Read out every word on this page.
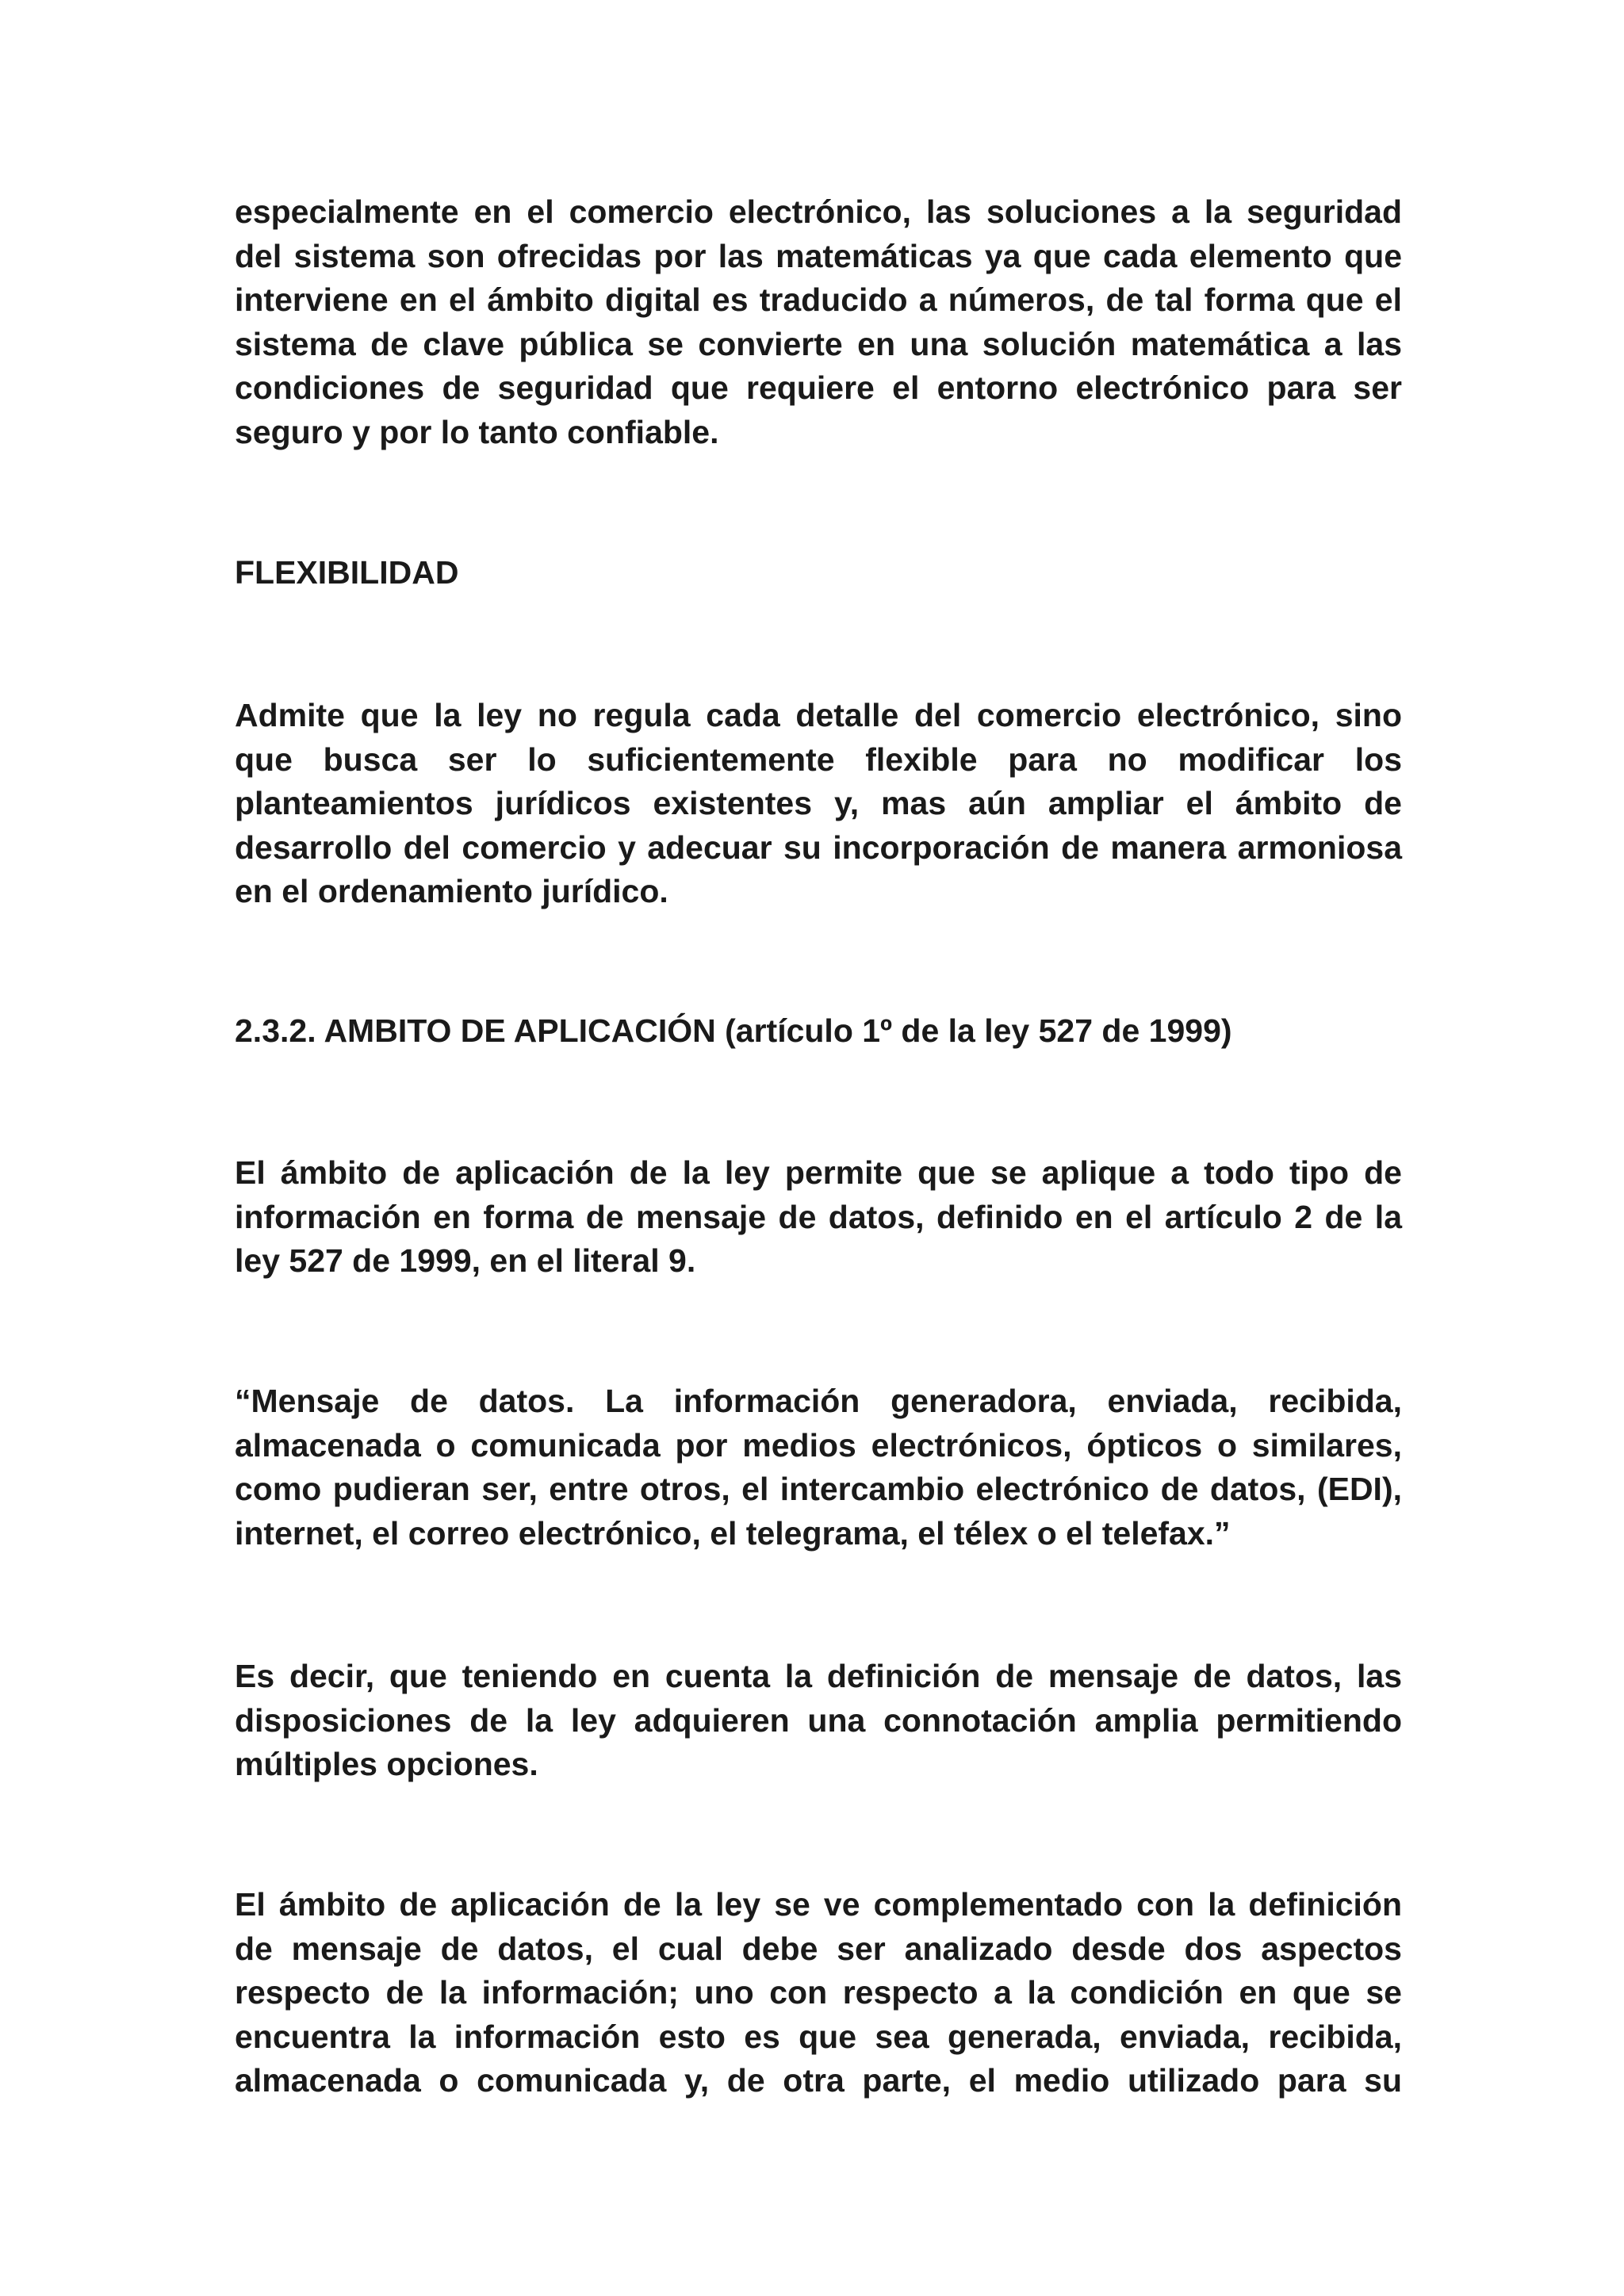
especialmente en el comercio electrónico, las soluciones a la seguridad
del sistema son ofrecidas por las matemáticas ya que cada elemento que
interviene en el ámbito digital es traducido a números, de tal forma que el
sistema de clave pública se convierte en una solución matemática a las
condiciones de seguridad que requiere el entorno electrónico para ser
seguro y por lo tanto confiable.
FLEXIBILIDAD
Admite que la ley no regula cada detalle del comercio electrónico, sino
que busca ser lo suficientemente flexible para no modificar los
planteamientos jurídicos existentes y, mas aún ampliar el ámbito de
desarrollo del comercio y adecuar su incorporación de manera armoniosa
en el ordenamiento jurídico.
2.3.2. AMBITO DE APLICACIÓN (artículo 1º de la ley 527 de 1999)
El ámbito de aplicación de la ley permite que se aplique a todo tipo de
información en forma de mensaje de datos, definido en el artículo 2 de la
ley 527 de 1999, en el literal 9.
“Mensaje de datos. La información generadora, enviada, recibida,
almacenada o comunicada por medios electrónicos, ópticos o similares,
como pudieran ser, entre otros, el intercambio electrónico de datos, (EDI),
internet, el correo electrónico, el telegrama, el télex o el telefax.”
Es decir, que teniendo en cuenta la definición de mensaje de datos, las
disposiciones de la ley adquieren una connotación amplia permitiendo
múltiples opciones.
El ámbito de aplicación de la ley se ve complementado con la definición
de mensaje de datos, el cual debe ser analizado desde dos aspectos
respecto de la información; uno con respecto a la condición en que se
encuentra la información esto es que sea generada, enviada, recibida,
almacenada o comunicada y, de otra parte, el medio utilizado para su
